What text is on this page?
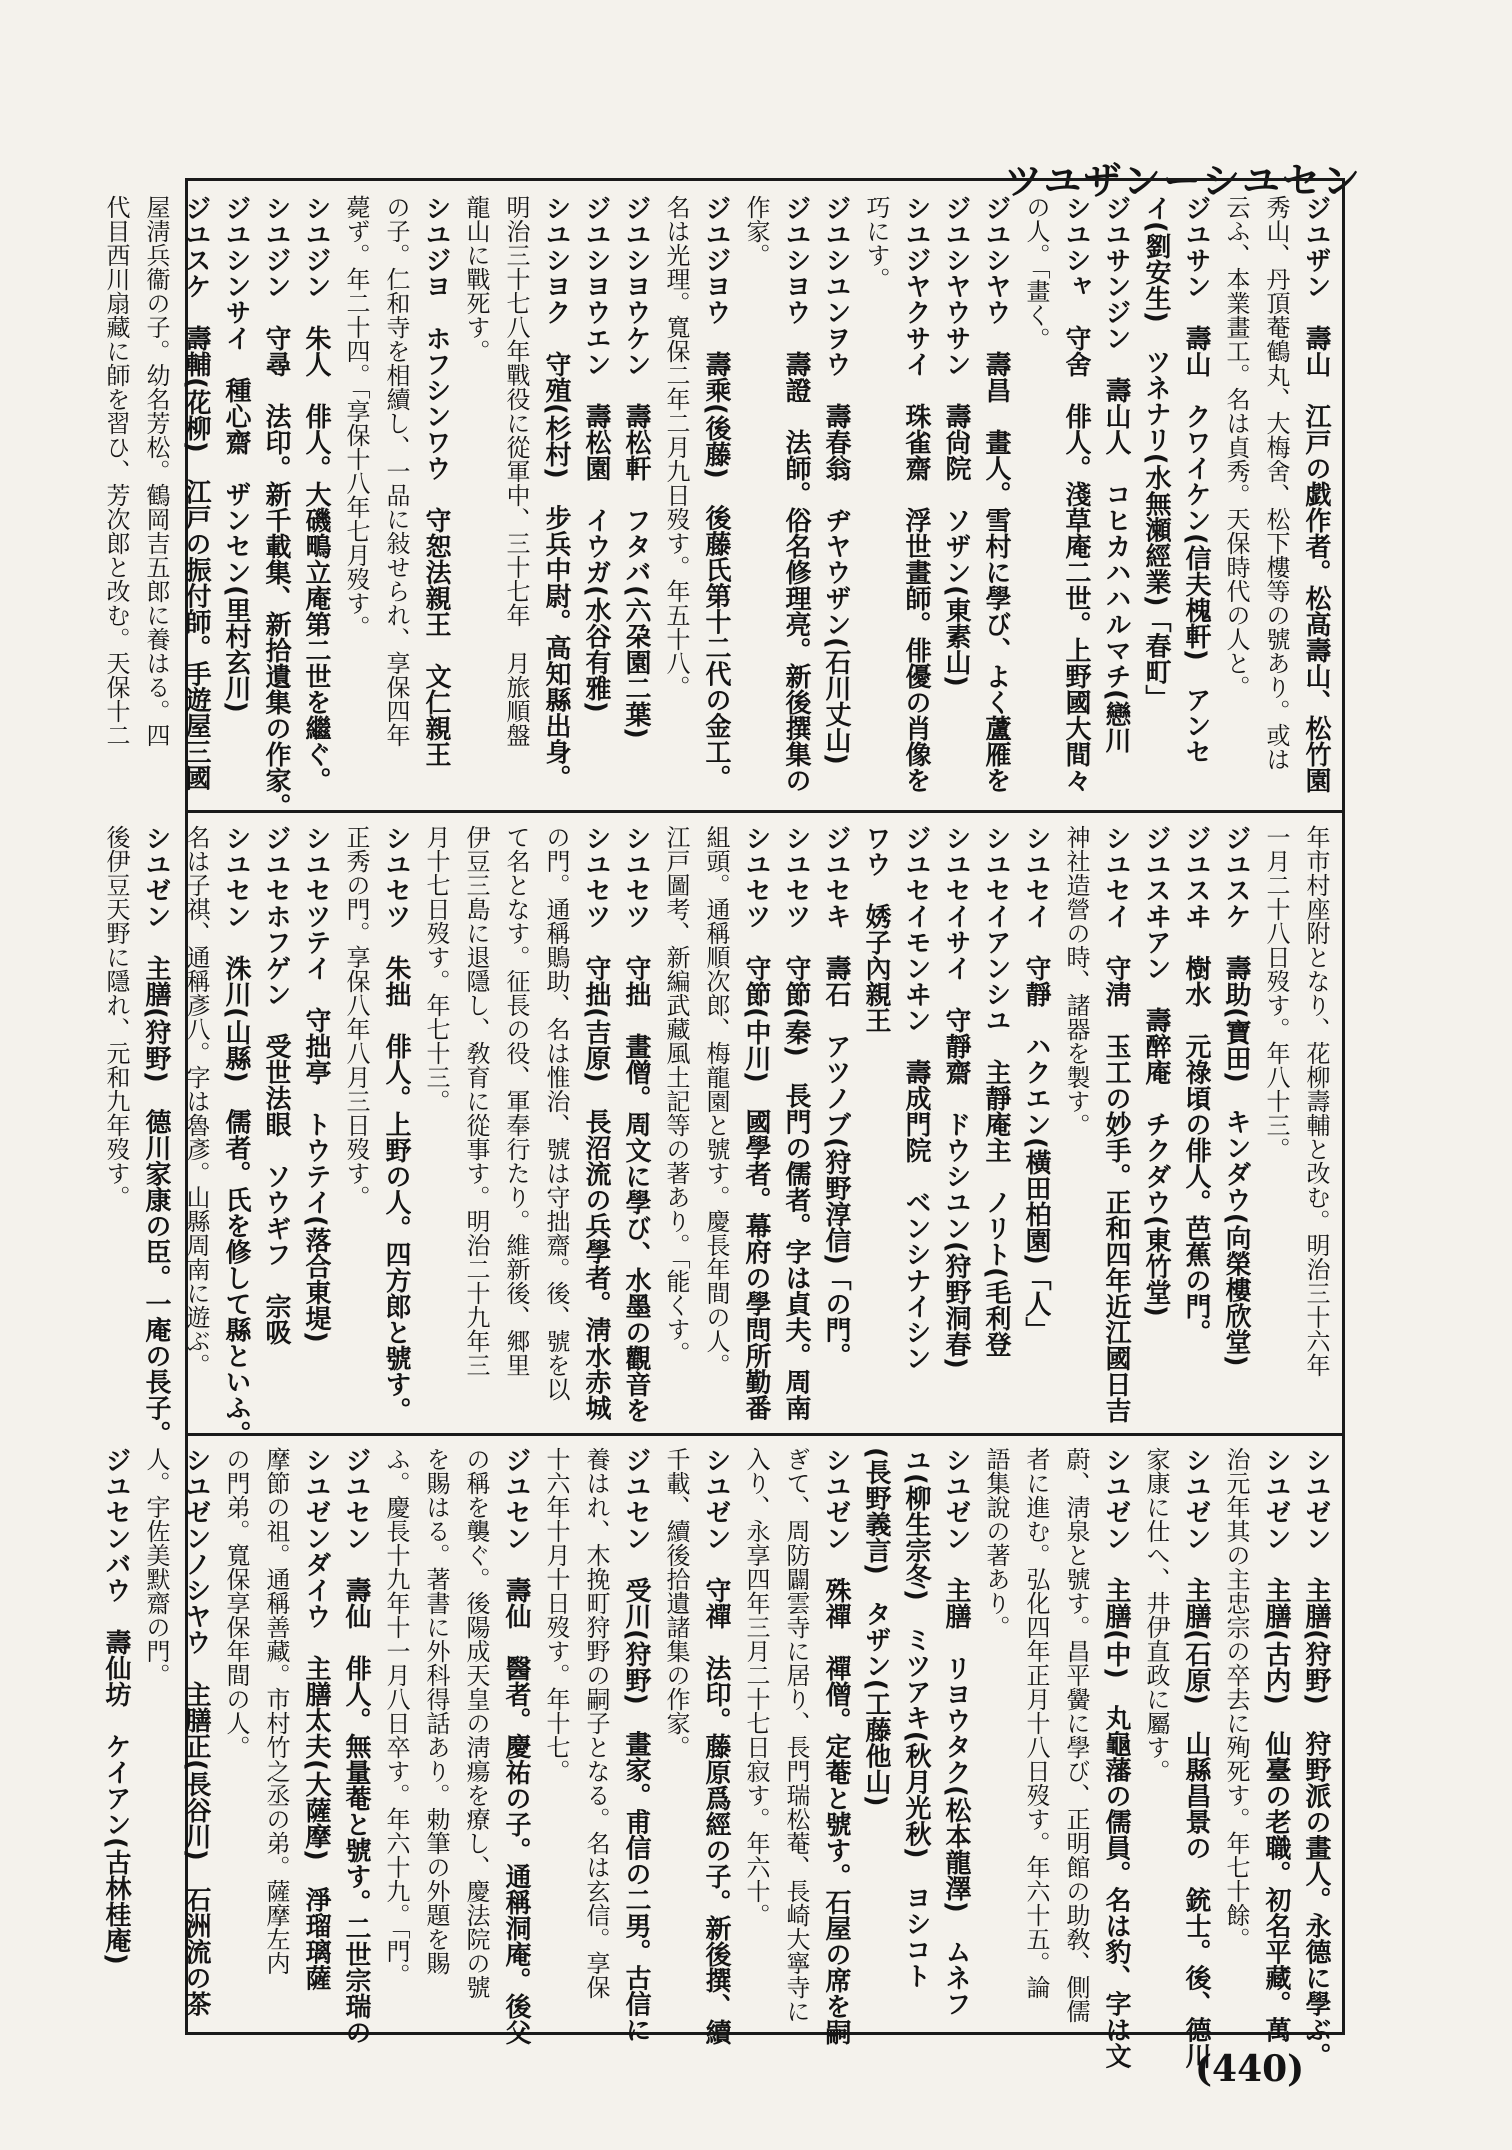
ツユザンーシユセン
ジユザン　壽山　江戸の戯作者。松高壽山、松竹園
秀山、丹頂菴鶴丸、大梅舍、松下樓等の號あり。或は
云ふ、本業畫工。名は貞秀。天保時代の人と。
ジユサン　壽山　クワイケン(信夫槐軒)　アンセ
イ(劉安生)　ツネナリ(水無瀬經業)「春町」
ジユサンジン　壽山人　コヒカハハルマチ(戀川
シユシャ　守舍　俳人。淺草庵二世。上野國大間々
の人。「畫く。
ジユシヤウ　壽昌　畫人。雪村に學び、よく蘆雁を
ジユシヤウサン　壽尙院　ソザン(東素山)
シユジヤクサイ　珠雀齋　浮世畫師。俳優の肖像を
巧にす。
ジユシユンヲウ　壽春翁　ヂヤウザン(石川丈山)
ジユシヨウ　壽證　法師。俗名修理亮。新後撰集の
作家。
ジユジヨウ　壽乘(後藤)　後藤氏第十二代の金工。
名は光理。寬保二年二月九日歿す。年五十八。
ジユシヨウケン　壽松軒　フタバ(六朶園二葉)
ジユシヨウエン　壽松園　イウガ(水谷有雅)
シユシヨク　守殖(杉村)　步兵中尉。高知縣出身。
明治三十七八年戰役に從軍中、三十七年　月旅順盤
龍山に戰死す。
シユジヨ　ホフシンワウ　守恕法親王　文仁親王
の子。仁和寺を相續し、一品に敍せられ、享保四年
薨ず。年二十四。「享保十八年七月歿す。
シユジン　朱人　俳人。大磯鴫立庵第二世を繼ぐ。
シユジン　守尋　法印。新千載集、新拾遺集の作家。
ジユシンサイ　種心齋　ザンセン(里村玄川)
ジユスケ　壽輔(花柳)　江戸の振付師。手遊屋三國
屋淸兵衞の子。幼名芳松。鶴岡吉五郎に養はる。四
代目西川扇藏に師を習ひ、芳次郎と改む。天保十二
年市村座附となり、花柳壽輔と改む。明治三十六年
一月二十八日歿す。年八十三。
ジユスケ　壽助(寶田)　キンダウ(向榮樓欣堂)
ジユスヰ　樹水　元祿頃の俳人。芭蕉の門。
ジユスヰアン　壽醉庵　チクダウ(東竹堂)
シユセイ　守淸　玉工の妙手。正和四年近江國日吉
神社造營の時、諸器を製す。
シユセイ　守靜　ハクエン(橫田柏園)「人」
シユセイアンシユ　主靜庵主　ノリト(毛利登
シユセイサイ　守靜齋　ドウシユン(狩野洞春)
ジユセイモンヰン　壽成門院　ベンシナイシン
ワウ　㛢子內親王
ジユセキ　壽石　アツノブ(狩野淳信)「の門。
シユセツ　守節(秦)　長門の儒者。字は貞夫。周南
シユセツ　守節(中川)　國學者。幕府の學問所勤番
組頭。通稱順次郎、梅龍園と號す。慶長年間の人。
江戸圖考、新編武藏風土記等の著あり。「能くす。
シユセツ　守拙　畫僧。周文に學び、水墨の觀音を
シユセツ　守拙(吉原)　長沼流の兵學者。淸水赤城
の門。通稱鵙助、名は惟治、號は守拙齋。後、號を以
て名となす。征長の役、軍奉行たり。維新後、郷里
伊豆三島に退隱し、敎育に從事す。明治二十九年三
月十七日歿す。年七十三。
シユセツ　朱拙　俳人。上野の人。四方郎と號す。
正秀の門。享保八年八月三日歿す。
シユセツテイ　守拙亭　トウテイ(落合東堤)
ジユセホフゲン　受世法眼　ソウギフ　宗吸
シユセン　洙川(山縣)　儒者。氏を修して縣といふ。
名は子祺、通稱彥八。字は魯彥。山縣周南に遊ぶ。
シユゼン　主膳(狩野)　德川家康の臣。一庵の長子。
後伊豆天野に隱れ、元和九年歿す。
シユゼン　主膳(狩野)　狩野派の畫人。永德に學ぶ。
シユゼン　主膳(古内)　仙臺の老職。初名平藏。萬
治元年其の主忠宗の卒去に殉死す。年七十餘。
シユゼン　主膳(石原)　山縣昌景の　銃士。後、德川
家康に仕へ、井伊直政に屬す。
シユゼン　主膳(中)　丸龜藩の儒員。名は豹、字は文
蔚、淸泉と號す。昌平黌に學び、正明館の助敎、側儒
者に進む。弘化四年正月十八日歿す。年六十五。論
語集說の著あり。
シユゼン　主膳　リヨウタク(松本龍澤)　ムネフ
ユ(柳生宗冬)　ミツアキ(秋月光秋)　ヨシコト
(長野義言)　タザン(工藤他山)
シユゼン　殊禪　禪僧。定菴と號す。石屋の席を嗣
ぎて、周防闢雲寺に居り、長門瑞松菴、長崎大寧寺に
入り、永享四年三月二十七日寂す。年六十。
シユゼン　守禪　法印。藤原爲經の子。新後撰、續
千載、續後拾遺諸集の作家。
ジユセン　受川(狩野)　畫家。甫信の二男。古信に
養はれ、木挽町狩野の嗣子となる。名は玄信。享保
十六年十月十日歿す。年十七。
ジユセン　壽仙　醫者。慶祐の子。通稱洞庵。後父
の稱を襲ぐ。後陽成天皇の淸瘍を療し、慶法院の號
を賜はる。著書に外科得話あり。勅筆の外題を賜
ふ。慶長十九年十一月八日卒す。年六十九。「門。
ジユセン　壽仙　俳人。無量菴と號す。二世宗瑞の
シユゼンダイウ　主膳太夫(大薩摩)　淨瑠璃薩
摩節の祖。通稱善藏。市村竹之丞の弟。薩摩左内
の門弟。寬保享保年間の人。
シユゼンノシヤウ　主膳正(長谷川)　石洲流の茶
人。宇佐美默齋の門。
ジユセンバウ　壽仙坊　ケイアン(古林桂庵)
(440)
